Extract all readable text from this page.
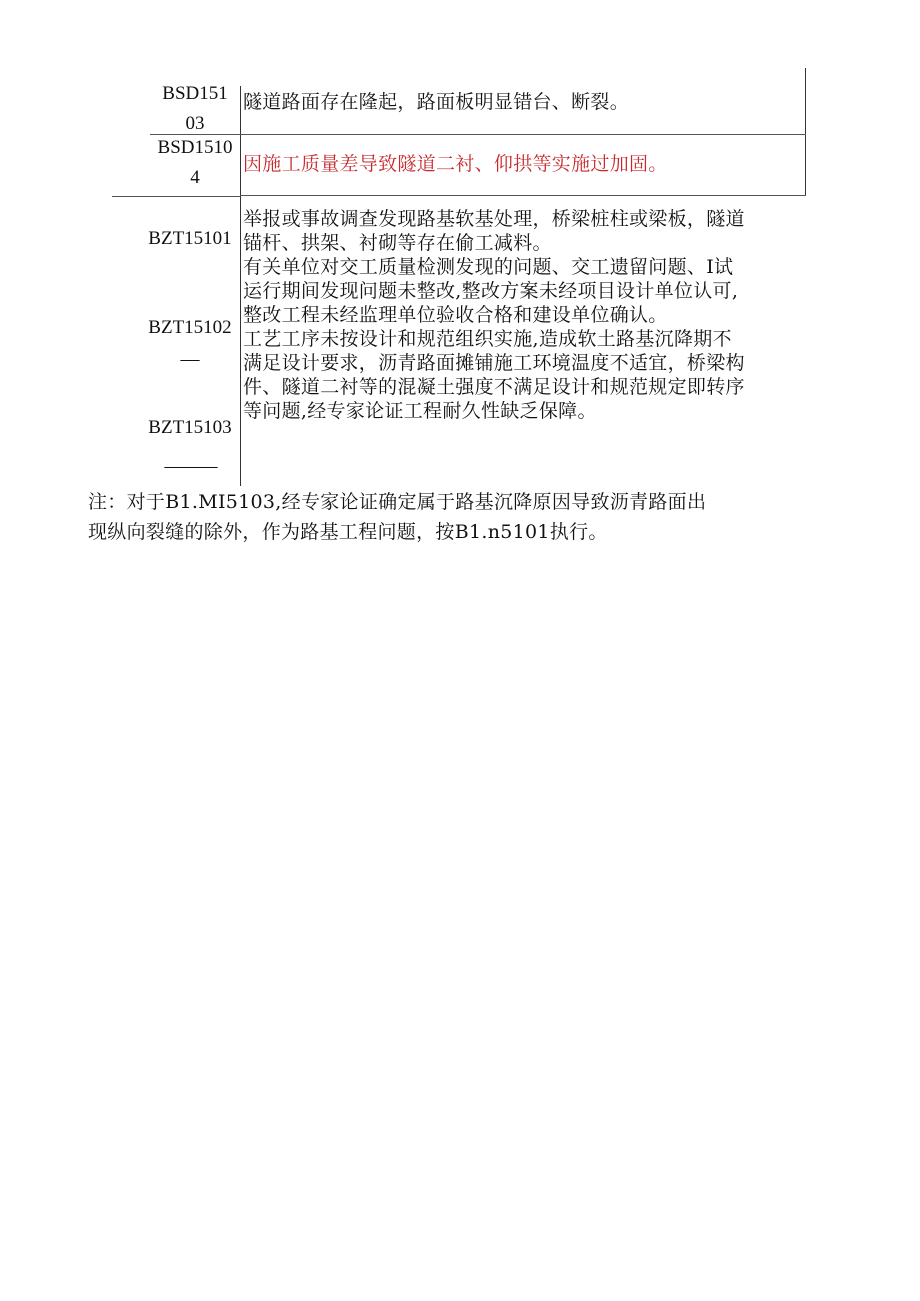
BSD151
03
隧道路面存在隆起，路面板明显错台、断裂。
BSD1510
4
因施工质量差导致隧道二衬、仰拱等实施过加固。
BZT15101
BZT15102
—
BZT15103
———
举报或事故调查发现路基软基处理，桥梁桩柱或梁板，隧道
锚杆、拱架、衬砌等存在偷工减料。
有关单位对交工质量检测发现的问题、交工遗留问题、I试
运行期间发现问题未整改,整改方案未经项目设计单位认可,
整改工程未经监理单位验收合格和建设单位确认。
工艺工序未按设计和规范组织实施,造成软土路基沉降期不
满足设计要求，沥青路面摊铺施工环境温度不适宜，桥梁构
件、隧道二衬等的混凝土强度不满足设计和规范规定即转序
等问题,经专家论证工程耐久性缺乏保障。
注：对于B1.MI5103,经专家论证确定属于路基沉降原因导致沥青路面出
现纵向裂缝的除外，作为路基工程问题，按B1.n5101执行。
